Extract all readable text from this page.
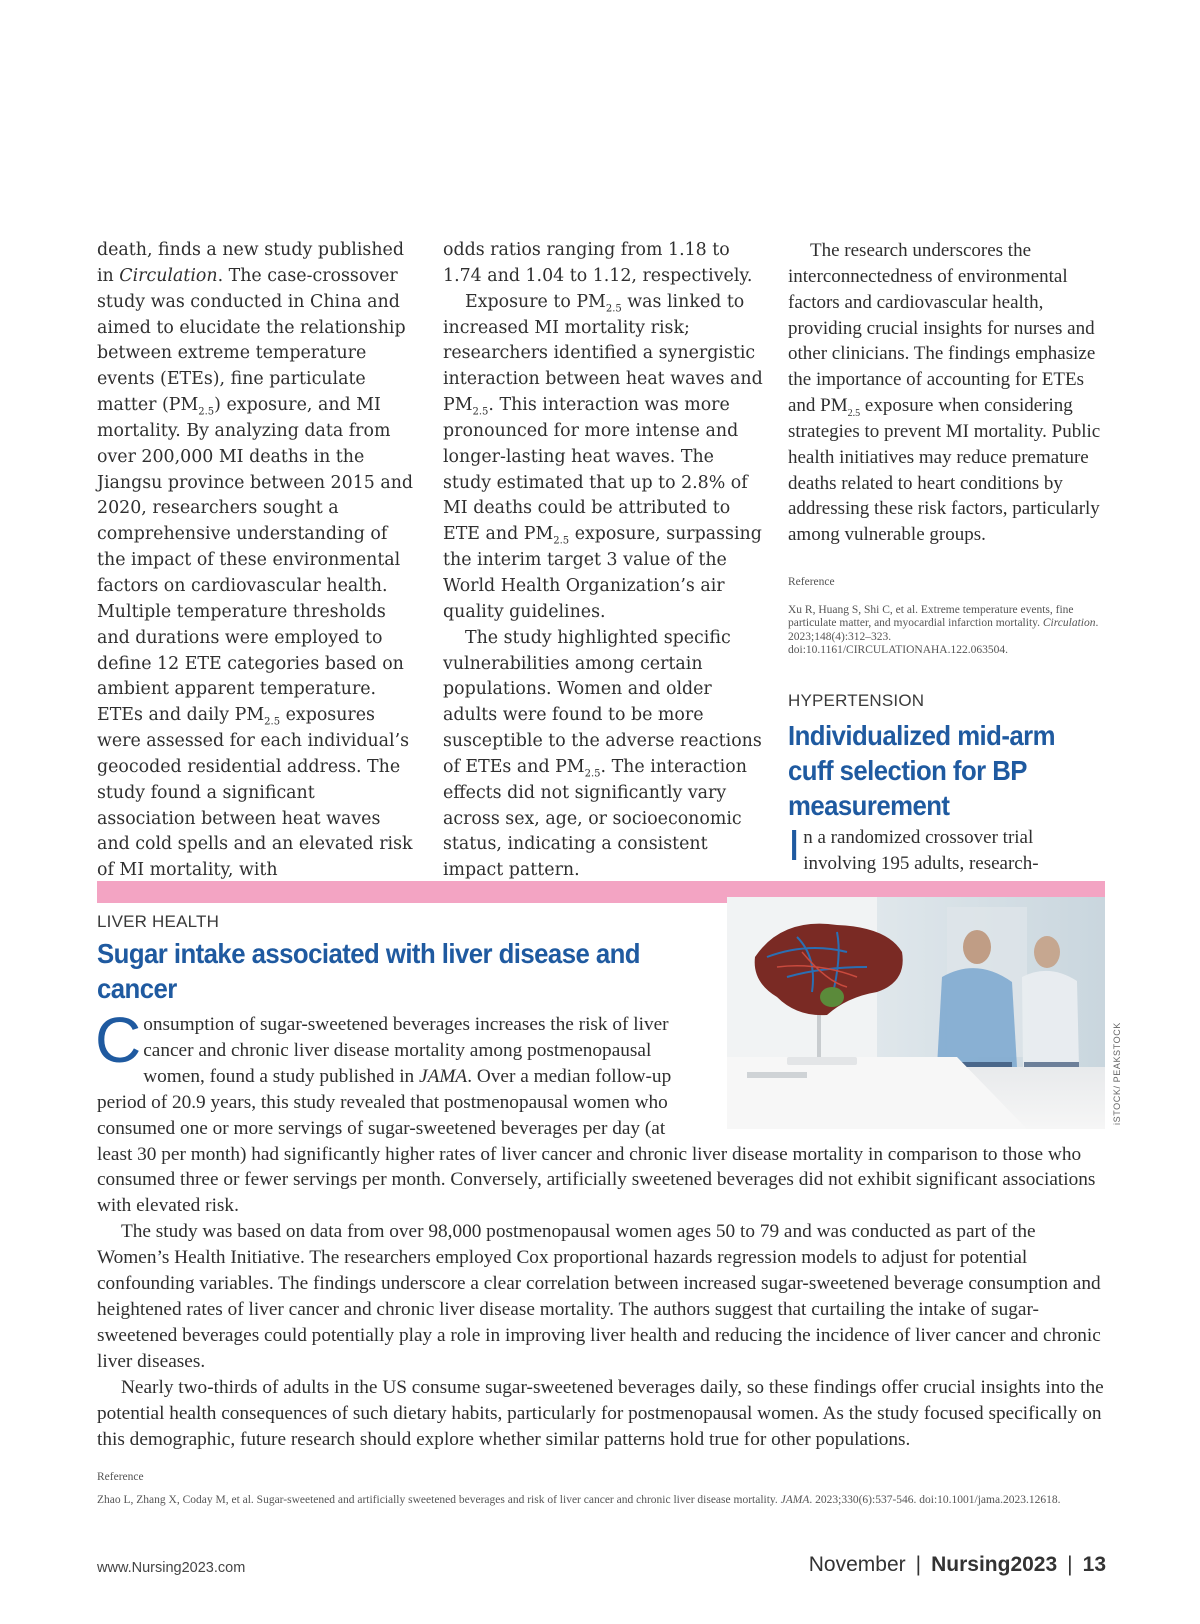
death, finds a new study published in Circulation. The case-crossover study was conducted in China and aimed to elucidate the relationship between extreme temperature events (ETEs), fine particulate matter $(PM_{2.5})$ exposure, and MI mortality. By analyzing data from over 200,000 MI deaths in the Jiangsu province between 2015 and 2020, researchers sought a comprehensive understanding of the impact of these environmental factors on cardiovascular health. Multiple temperature thresholds and durations were employed to define 12 ETE categories based on ambient apparent temperature. ETEs and daily $PM_{2.5}$ exposures were assessed for each individual’s geocoded residential address. The study found a significant association between heat waves and cold spells and an elevated risk of MI mortality, with

odds ratios ranging from 1.18 to 1.74 and 1.04 to 1.12, respectively.

Exposure to $PM_{2.5}$ was linked to increased MI mortality risk; researchers identified a synergistic interaction between heat waves and $PM_{2.5}$. This interaction was more pronounced for more intense and longer-lasting heat waves. The study estimated that up to 2.8% of MI deaths could be attributed to ETE and $PM_{2.5}$ exposure, surpassing the interim target 3 value of the World Health Organization’s air quality guidelines.

The study highlighted specific vulnerabilities among certain populations. Women and older adults were found to be more susceptible to the adverse reactions of ETEs and $PM_{2.5}$. The interaction effects did not significantly vary across sex, age, or socioeconomic status, indicating a consistent impact pattern.

The research underscores the interconnectedness of environmental factors and cardiovascular health, providing crucial insights for nurses and other clinicians. The findings emphasize the importance of accounting for ETEs and $PM_{2.5}$ exposure when considering strategies to prevent MI mortality. Public health initiatives may reduce premature deaths related to heart conditions by addressing these risk factors, particularly among vulnerable groups.

Reference
Xu R, Huang S, Shi C, et al. Extreme temperature events, fine particulate matter, and myocardial infarction mortality. Circulation. 2023;148(4):312–323. doi:10.1161/CIRCULATIONAHA.122.063504.
HYPERTENSION
Individualized mid-arm cuff selection for BP measurement

In a randomized crossover trial involving 195 adults, research-

iSTOCK/ PEAKSTOCK
LIVER HEALTH
Sugar intake associated with liver disease and cancer

Consumption of sugar-sweetened beverages increases the risk of liver cancer and chronic liver disease mortality among postmenopausal women, found a study published in JAMA. Over a median follow-up period of 20.9 years, this study revealed that postmenopausal women who consumed one or more servings of sugar-sweetened beverages per day (at least 30 per month) had significantly higher rates of liver cancer and chronic liver disease mortality in comparison to those who consumed three or fewer servings per month. Conversely, artificially sweetened beverages did not exhibit significant associations with elevated risk.

The study was based on data from over 98,000 postmenopausal women ages 50 to 79 and was conducted as part of the Women’s Health Initiative. The researchers employed Cox proportional hazards regression models to adjust for potential confounding variables. The findings underscore a clear correlation between increased sugar-sweetened beverage consumption and heightened rates of liver cancer and chronic liver disease mortality. The authors suggest that curtailing the intake of sugar-sweetened beverages could potentially play a role in improving liver health and reducing the incidence of liver cancer and chronic liver diseases.

Nearly two-thirds of adults in the US consume sugar-sweetened beverages daily, so these findings offer crucial insights into the potential health consequences of such dietary habits, particularly for postmenopausal women. As the study focused specifically on this demographic, future research should explore whether similar patterns hold true for other populations.

Reference
Zhao L, Zhang X, Coday M, et al. Sugar-sweetened and artificially sweetened beverages and risk of liver cancer and chronic liver disease mortality. JAMA. 2023;330(6):537-546. doi:10.1001/jama.2023.12618.
www.Nursing2023.com	November | Nursing2023 | 13
